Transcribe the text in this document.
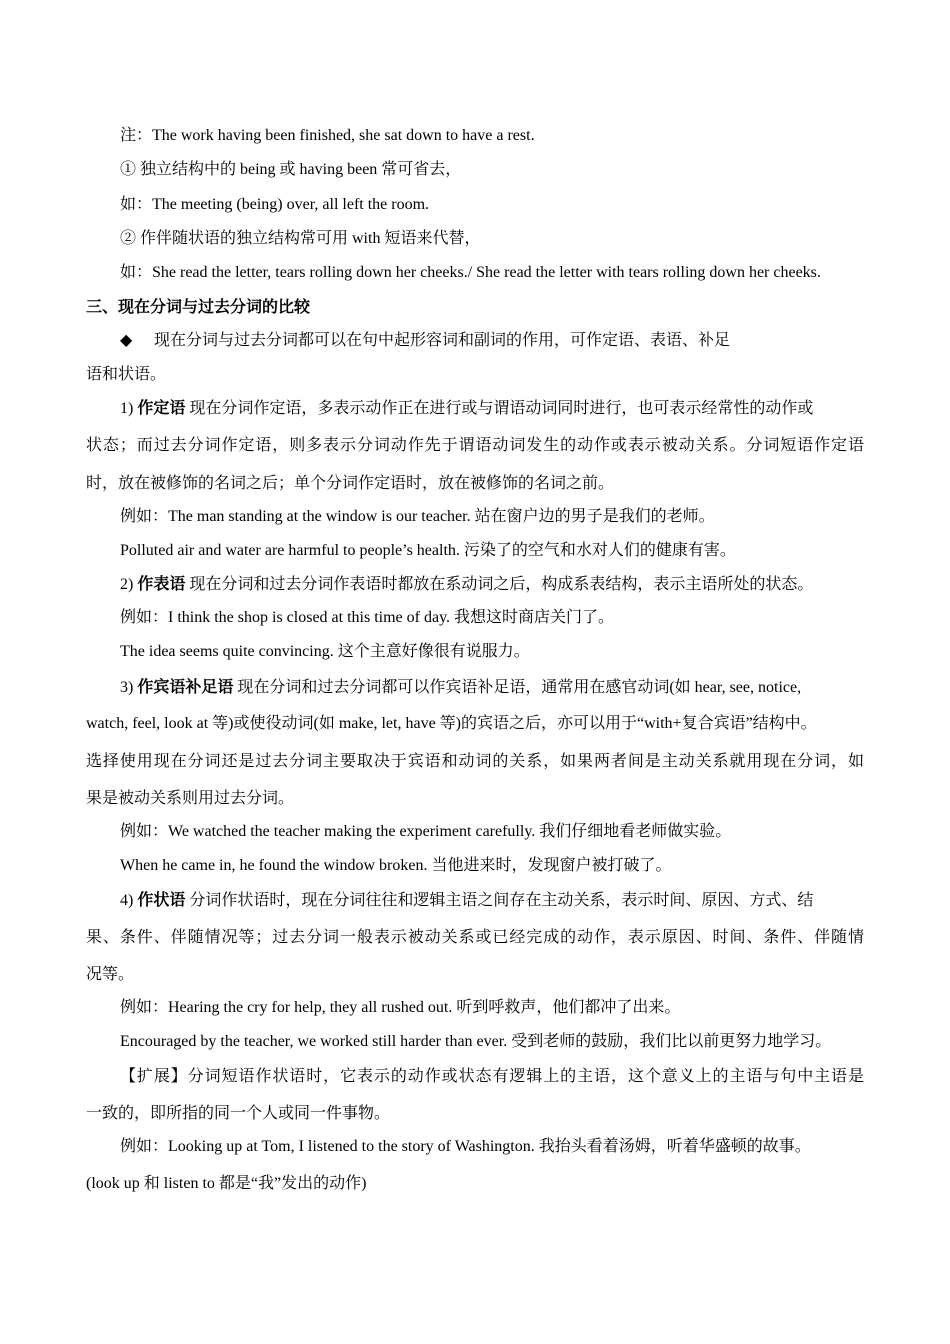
注：The work having been finished, she sat down to have a rest.
① 独立结构中的 being 或 having been 常可省去，
如：The meeting (being) over, all left the room.
② 作伴随状语的独立结构常可用 with 短语来代替，
如：She read the letter, tears rolling down her cheeks./ She read the letter with tears rolling down her cheeks.
三、现在分词与过去分词的比较
◆ 现在分词与过去分词都可以在句中起形容词和副词的作用，可作定语、表语、补足
语和状语。
1) 作定语 现在分词作定语，多表示动作正在进行或与谓语动词同时进行，也可表示经常性的动作或
状态；而过去分词作定语，则多表示分词动作先于谓语动词发生的动作或表示被动关系。分词短语作定语
时，放在被修饰的名词之后；单个分词作定语时，放在被修饰的名词之前。
例如：The man standing at the window is our teacher. 站在窗户边的男子是我们的老师。
Polluted air and water are harmful to people’s health. 污染了的空气和水对人们的健康有害。
2) 作表语 现在分词和过去分词作表语时都放在系动词之后，构成系表结构，表示主语所处的状态。
例如：I think the shop is closed at this time of day. 我想这时商店关门了。
The idea seems quite convincing. 这个主意好像很有说服力。
3) 作宾语补足语 现在分词和过去分词都可以作宾语补足语，通常用在感官动词(如 hear, see, notice,
watch, feel, look at 等)或使役动词(如 make, let, have 等)的宾语之后，亦可以用于“with+复合宾语”结构中。
选择使用现在分词还是过去分词主要取决于宾语和动词的关系，如果两者间是主动关系就用现在分词，如
果是被动关系则用过去分词。
例如：We watched the teacher making the experiment carefully. 我们仔细地看老师做实验。
When he came in, he found the window broken. 当他进来时，发现窗户被打破了。
4) 作状语 分词作状语时，现在分词往往和逻辑主语之间存在主动关系，表示时间、原因、方式、结
果、条件、伴随情况等；过去分词一般表示被动关系或已经完成的动作，表示原因、时间、条件、伴随情
况等。
例如：Hearing the cry for help, they all rushed out. 听到呼救声，他们都冲了出来。
Encouraged by the teacher, we worked still harder than ever. 受到老师的鼓励，我们比以前更努力地学习。
【扩展】分词短语作状语时，它表示的动作或状态有逻辑上的主语，这个意义上的主语与句中主语是
一致的，即所指的同一个人或同一件事物。
例如：Looking up at Tom, I listened to the story of Washington. 我抬头看着汤姆，听着华盛顿的故事。
(look up 和 listen to 都是“我”发出的动作)
